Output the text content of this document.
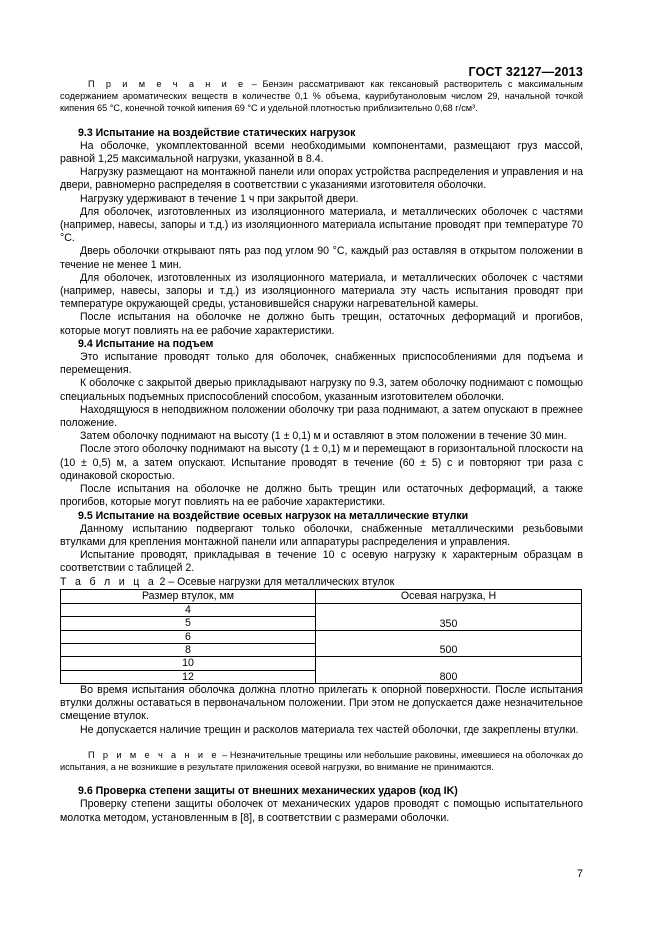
ГОСТ 32127—2013

П р и м е ч а н и е – Бензин рассматривают как гексановый растворитель с максимальным содержанием ароматических веществ в количестве 0,1 % объема, каурибутаноловым числом 29, начальной точкой кипения 65 °С, конечной точкой кипения 69 °С и удельной плотностью приблизительно 0,68 г/см³.

9.3 Испытание на воздействие статических нагрузок

На оболочке, укомплектованной всеми необходимыми компонентами, размещают груз массой, равной 1,25 максимальной нагрузки, указанной в 8.4.

Нагрузку размещают на монтажной панели или опорах устройства распределения и управления и на двери, равномерно распределяя в соответствии с указаниями изготовителя оболочки.

Нагрузку удерживают в течение 1 ч при закрытой двери.

Для оболочек, изготовленных из изоляционного материала, и металлических оболочек с частями (например, навесы, запоры и т.д.) из изоляционного материала испытание проводят при температуре 70 °С.

Дверь оболочки открывают пять раз под углом 90 °С, каждый раз оставляя в открытом положении в течение не менее 1 мин.

Для оболочек, изготовленных из изоляционного материала, и металлических оболочек с частями (например, навесы, запоры и т.д.) из изоляционного материала эту часть испытания проводят при температуре окружающей среды, установившейся снаружи нагревательной камеры.

После испытания на оболочке не должно быть трещин, остаточных деформаций и прогибов, которые могут повлиять на ее рабочие характеристики.

9.4 Испытание на подъем

Это испытание проводят только для оболочек, снабженных приспособлениями для подъема и перемещения.

К оболочке с закрытой дверью прикладывают нагрузку по 9.3, затем оболочку поднимают с помощью специальных подъемных приспособлений способом, указанным изготовителем оболочки.

Находящуюся в неподвижном положении оболочку три раза поднимают, а затем опускают в прежнее положение.

Затем оболочку поднимают на высоту (1 ± 0,1) м и оставляют в этом положении в течение 30 мин.

После этого оболочку поднимают на высоту (1 ± 0,1) м и перемещают в горизонтальной плоскости на (10 ± 0,5) м, а затем опускают. Испытание проводят в течение (60 ± 5) с и повторяют три раза с одинаковой скоростью.

После испытания на оболочке не должно быть трещин или остаточных деформаций, а также прогибов, которые могут повлиять на ее рабочие характеристики.

9.5 Испытание на воздействие осевых нагрузок на металлические втулки

Данному испытанию подвергают только оболочки, снабженные металлическими резьбовыми втулками для крепления монтажной панели или аппаратуры распределения и управления.

Испытание проводят, прикладывая в течение 10 с осевую нагрузку к характерным образцам в соответствии с таблицей 2.

Т а б л и ц а 2 – Осевые нагрузки для металлических втулок

Размер втулок, мм	Осевая нагрузка, Н
4	350
5	
6	500
8	
10	800
12	

Во время испытания оболочка должна плотно прилегать к опорной поверхности. После испытания втулки должны оставаться в первоначальном положении. При этом не допускается даже незначительное смещение втулок.

Не допускается наличие трещин и расколов материала тех частей оболочки, где закреплены втулки.

П р и м е ч а н и е – Незначительные трещины или небольшие раковины, имевшиеся на оболочках до испытания, а не возникшие в результате приложения осевой нагрузки, во внимание не принимаются.

9.6 Проверка степени защиты от внешних механических ударов (код IK)

Проверку степени защиты оболочек от механических ударов проводят с помощью испытательного молотка методом, установленным в [8], в соответствии с размерами оболочки.

7
